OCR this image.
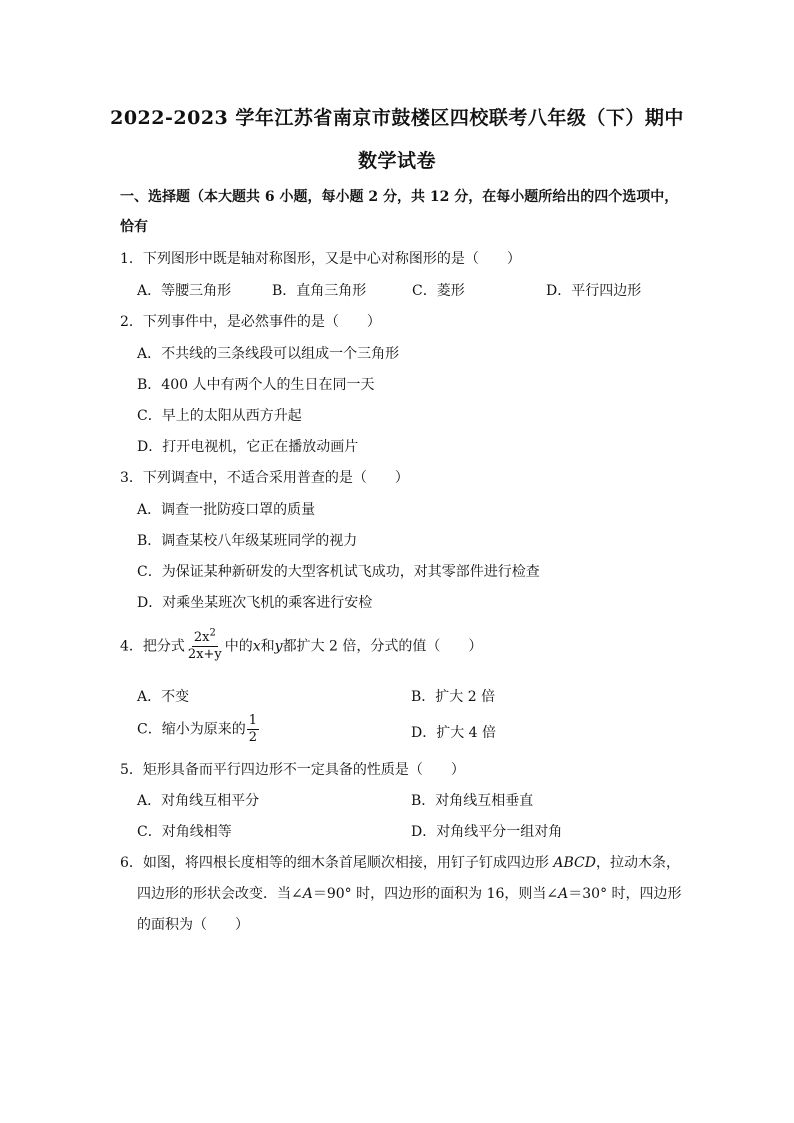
2022-2023 学年江苏省南京市鼓楼区四校联考八年级（下）期中
数学试卷
一、选择题（本大题共 6 小题，每小题 2 分，共 12 分，在每小题所给出的四个选项中，恰有
1．下列图形中既是轴对称图形，又是中心对称图形的是（　　）
A．等腰三角形	B．直角三角形	C．菱形	D．平行四边形
2．下列事件中，是必然事件的是（　　）
A．不共线的三条线段可以组成一个三角形
B．400 人中有两个人的生日在同一天
C．早上的太阳从西方升起
D．打开电视机，它正在播放动画片
3．下列调查中，不适合采用普查的是（　　）
A．调查一批防疫口罩的质量
B．调查某校八年级某班同学的视力
C．为保证某种新研发的大型客机试飞成功，对其零部件进行检查
D．对乘坐某班次飞机的乘客进行安检
4．把分式 $\frac{2x^2}{2x+y}$ 中的x和y都扩大 2 倍，分式的值（　　）
A．不变	B．扩大 2 倍
C．缩小为原来的 $\frac{1}{2}$	D．扩大 4 倍
5．矩形具备而平行四边形不一定具备的性质是（　　）
A．对角线互相平分	B．对角线互相垂直
C．对角线相等	D．对角线平分一组对角
6．如图，将四根长度相等的细木条首尾顺次相接，用钉子钉成四边形 ABCD，拉动木条，
四边形的形状会改变．当∠A＝90° 时，四边形的面积为 16，则当∠A＝30° 时，四边形
的面积为（　　）
